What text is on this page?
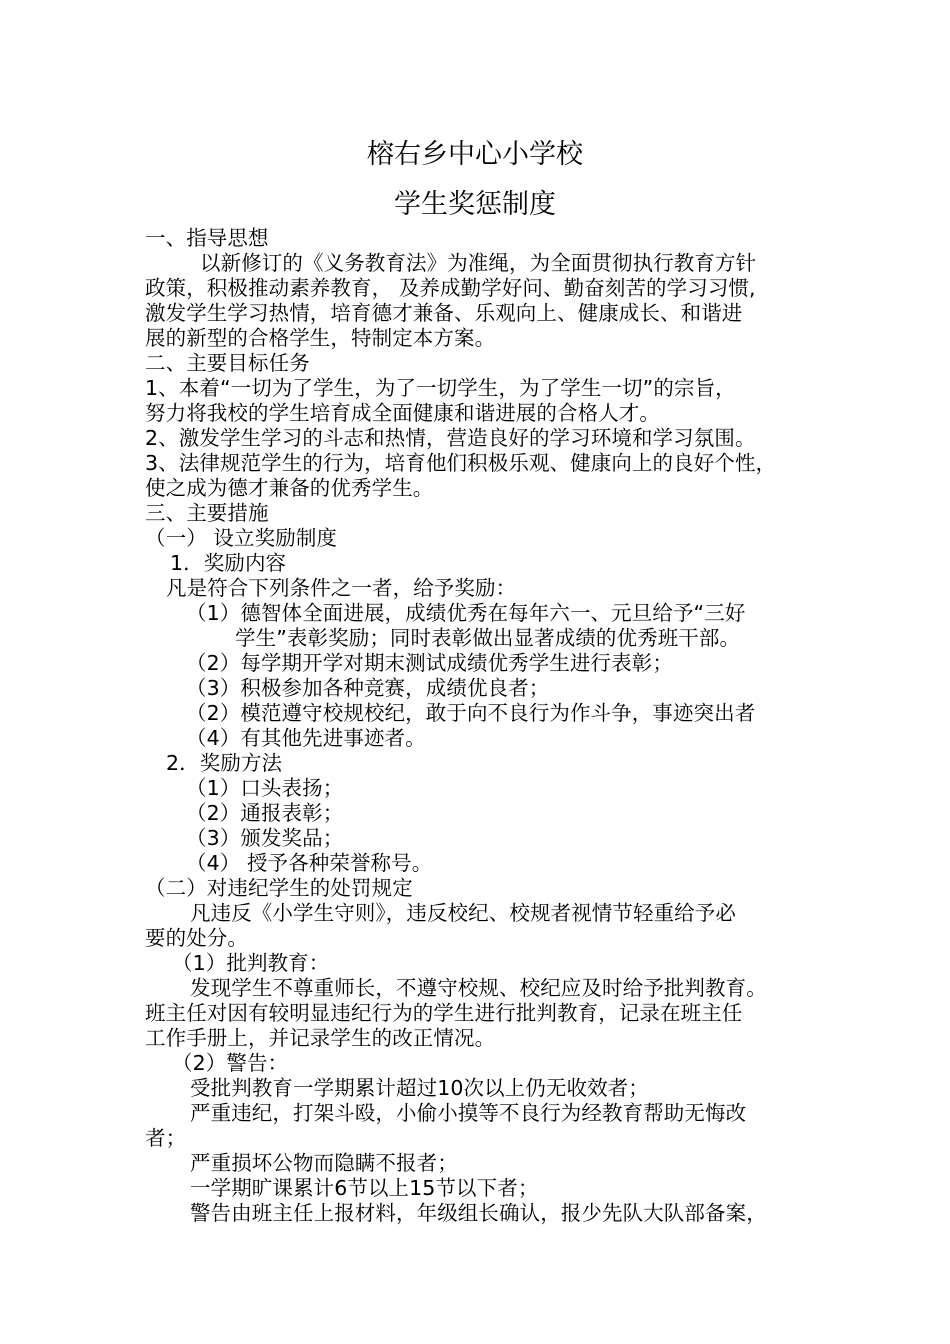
榕右乡中心小学校
学生奖惩制度
一、指导思想
以新修订的《义务教育法》为准绳，为全面贯彻执行教育方针
政策，积极推动素养教育， 及养成勤学好问、勤奋刻苦的学习习惯,
激发学生学习热情，培育德才兼备、乐观向上、健康成长、和谐进
展的新型的合格学生，特制定本方案。
二、主要目标任务
1、本着“一切为了学生，为了一切学生，为了学生一切”的宗旨，
努力将我校的学生培育成全面健康和谐进展的合格人才。
2、激发学生学习的斗志和热情，营造良好的学习环境和学习氛围。
3、法律规范学生的行为，培育他们积极乐观、健康向上的良好个性，
使之成为德才兼备的优秀学生。
三、主要措施
（一） 设立奖励制度
1．奖励内容
凡是符合下列条件之一者，给予奖励：
（1）德智体全面进展，成绩优秀在每年六一、元旦给予“三好
学生”表彰奖励；同时表彰做出显著成绩的优秀班干部。
（2）每学期开学对期末测试成绩优秀学生进行表彰；
（3）积极参加各种竞赛，成绩优良者；
（2）模范遵守校规校纪，敢于向不良行为作斗争，事迹突出者
（4）有其他先进事迹者。
2．奖励方法
（1）口头表扬；
（2）通报表彰；
（3）颁发奖品；
（4） 授予各种荣誉称号。
（二）对违纪学生的处罚规定
凡违反《小学生守则》，违反校纪、校规者视情节轻重给予必
要的处分。
（1）批判教育：
发现学生不尊重师长，不遵守校规、校纪应及时给予批判教育。
班主任对因有较明显违纪行为的学生进行批判教育，记录在班主任
工作手册上，并记录学生的改正情况。
（2）警告：
受批判教育一学期累计超过10次以上仍无收效者；
严重违纪，打架斗殴，小偷小摸等不良行为经教育帮助无悔改
者；
严重损坏公物而隐瞒不报者；
一学期旷课累计6节以上15节以下者；
警告由班主任上报材料，年级组长确认，报少先队大队部备案，
